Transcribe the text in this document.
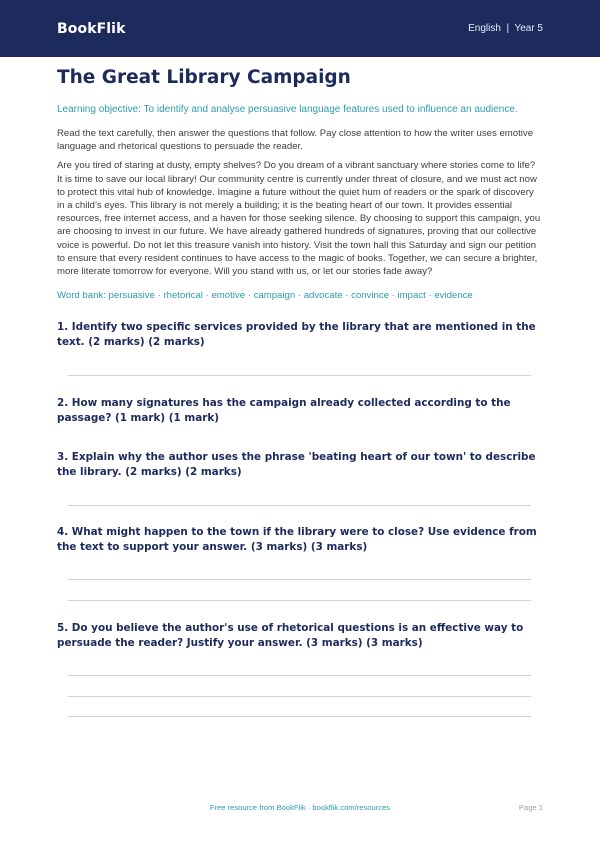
BookFlik	English  |  Year 5
The Great Library Campaign

Learning objective: To identify and analyse persuasive language features used to influence an audience.

Read the text carefully, then answer the questions that follow. Pay close attention to how the writer uses emotive language and rhetorical questions to persuade the reader.

Are you tired of staring at dusty, empty shelves? Do you dream of a vibrant sanctuary where stories come to life? It is time to save our local library! Our community centre is currently under threat of closure, and we must act now to protect this vital hub of knowledge. Imagine a future without the quiet hum of readers or the spark of discovery in a child’s eyes. This library is not merely a building; it is the beating heart of our town. It provides essential resources, free internet access, and a haven for those seeking silence. By choosing to support this campaign, you are choosing to invest in our future. We have already gathered hundreds of signatures, proving that our collective voice is powerful. Do not let this treasure vanish into history. Visit the town hall this Saturday and sign our petition to ensure that every resident continues to have access to the magic of books. Together, we can secure a brighter, more literate tomorrow for everyone. Will you stand with us, or let our stories fade away?

Word bank: persuasive · rhetorical · emotive · campaign · advocate · convince · impact · evidence

1. Identify two specific services provided by the library that are mentioned in the text. (2 marks) (2 marks)

2. How many signatures has the campaign already collected according to the passage? (1 mark) (1 mark)

3. Explain why the author uses the phrase 'beating heart of our town' to describe the library. (2 marks) (2 marks)

4. What might happen to the town if the library were to close? Use evidence from the text to support your answer. (3 marks) (3 marks)

5. Do you believe the author's use of rhetorical questions is an effective way to persuade the reader? Justify your answer. (3 marks) (3 marks)

Free resource from BookFlik · bookflik.com/resources	Page 1
